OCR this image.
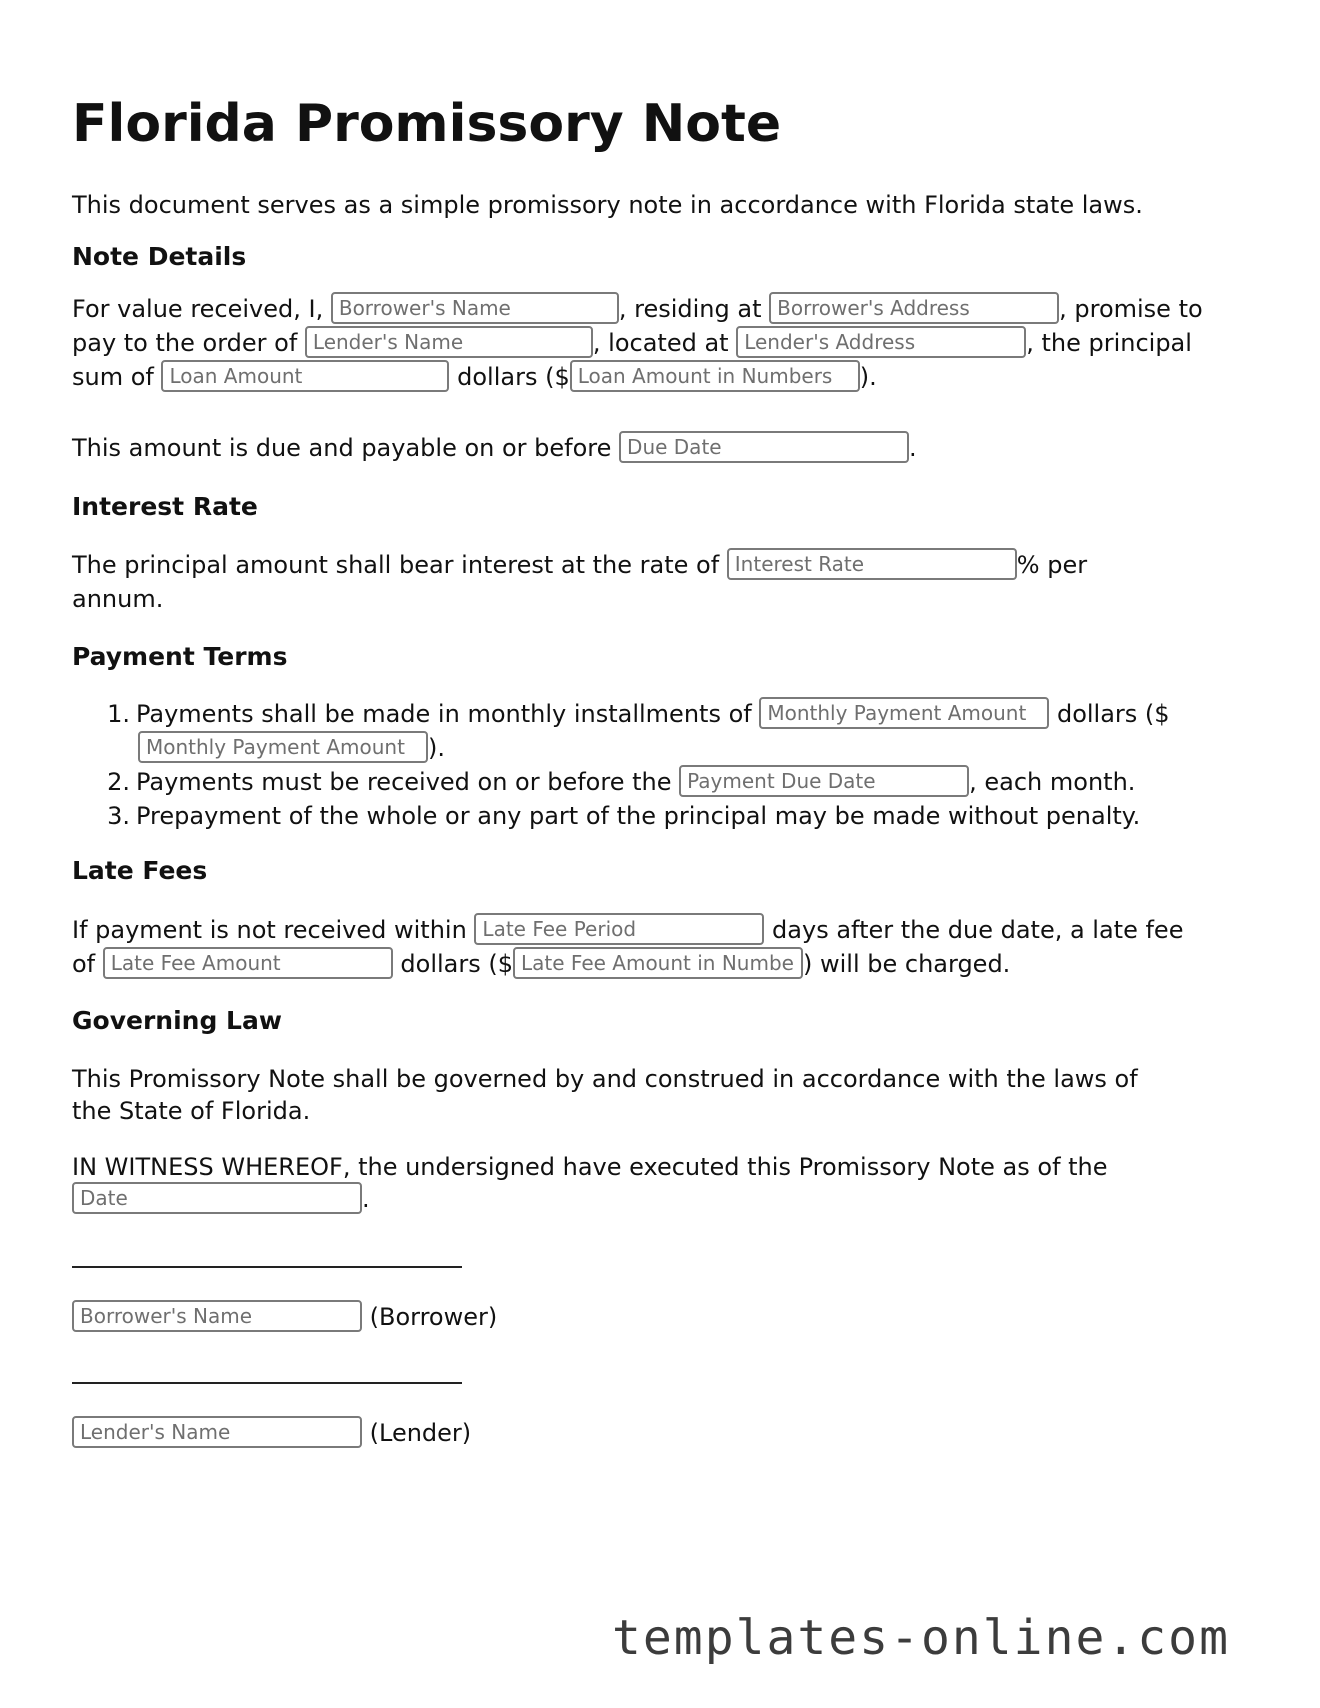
Florida Promissory Note
This document serves as a simple promissory note in accordance with Florida state laws.
Note Details
For value received, I, Borrower's Name	, residing at Borrower's Address	, promise to
pay to the order of Lender's Name	, located at Lender's Address	, the principal
sum of Loan Amount	dollars ($Loan Amount in Numbers	).
This amount is due and payable on or before Due Date	.
Interest Rate
The principal amount shall bear interest at the rate of Interest Rate	% per
annum.
Payment Terms
1. Payments shall be made in monthly installments of Monthly Payment Amount	dollars ($
Monthly Payment Amount).
2. Payments must be received on or before the Payment Due Date	, each month.
3. Prepayment of the whole or any part of the principal may be made without penalty.
Late Fees
If payment is not received within Late Fee Period	days after the due date, a late fee
of Late Fee Amount	dollars ($Late Fee Amount in Numbers	) will be charged.
Governing Law
This Promissory Note shall be governed by and construed in accordance with the laws of
the State of Florida.
IN WITNESS WHEREOF, the undersigned have executed this Promissory Note as of the
Date.
Borrower's Name (Borrower)
Lender's Name (Lender)
templates-online.com
